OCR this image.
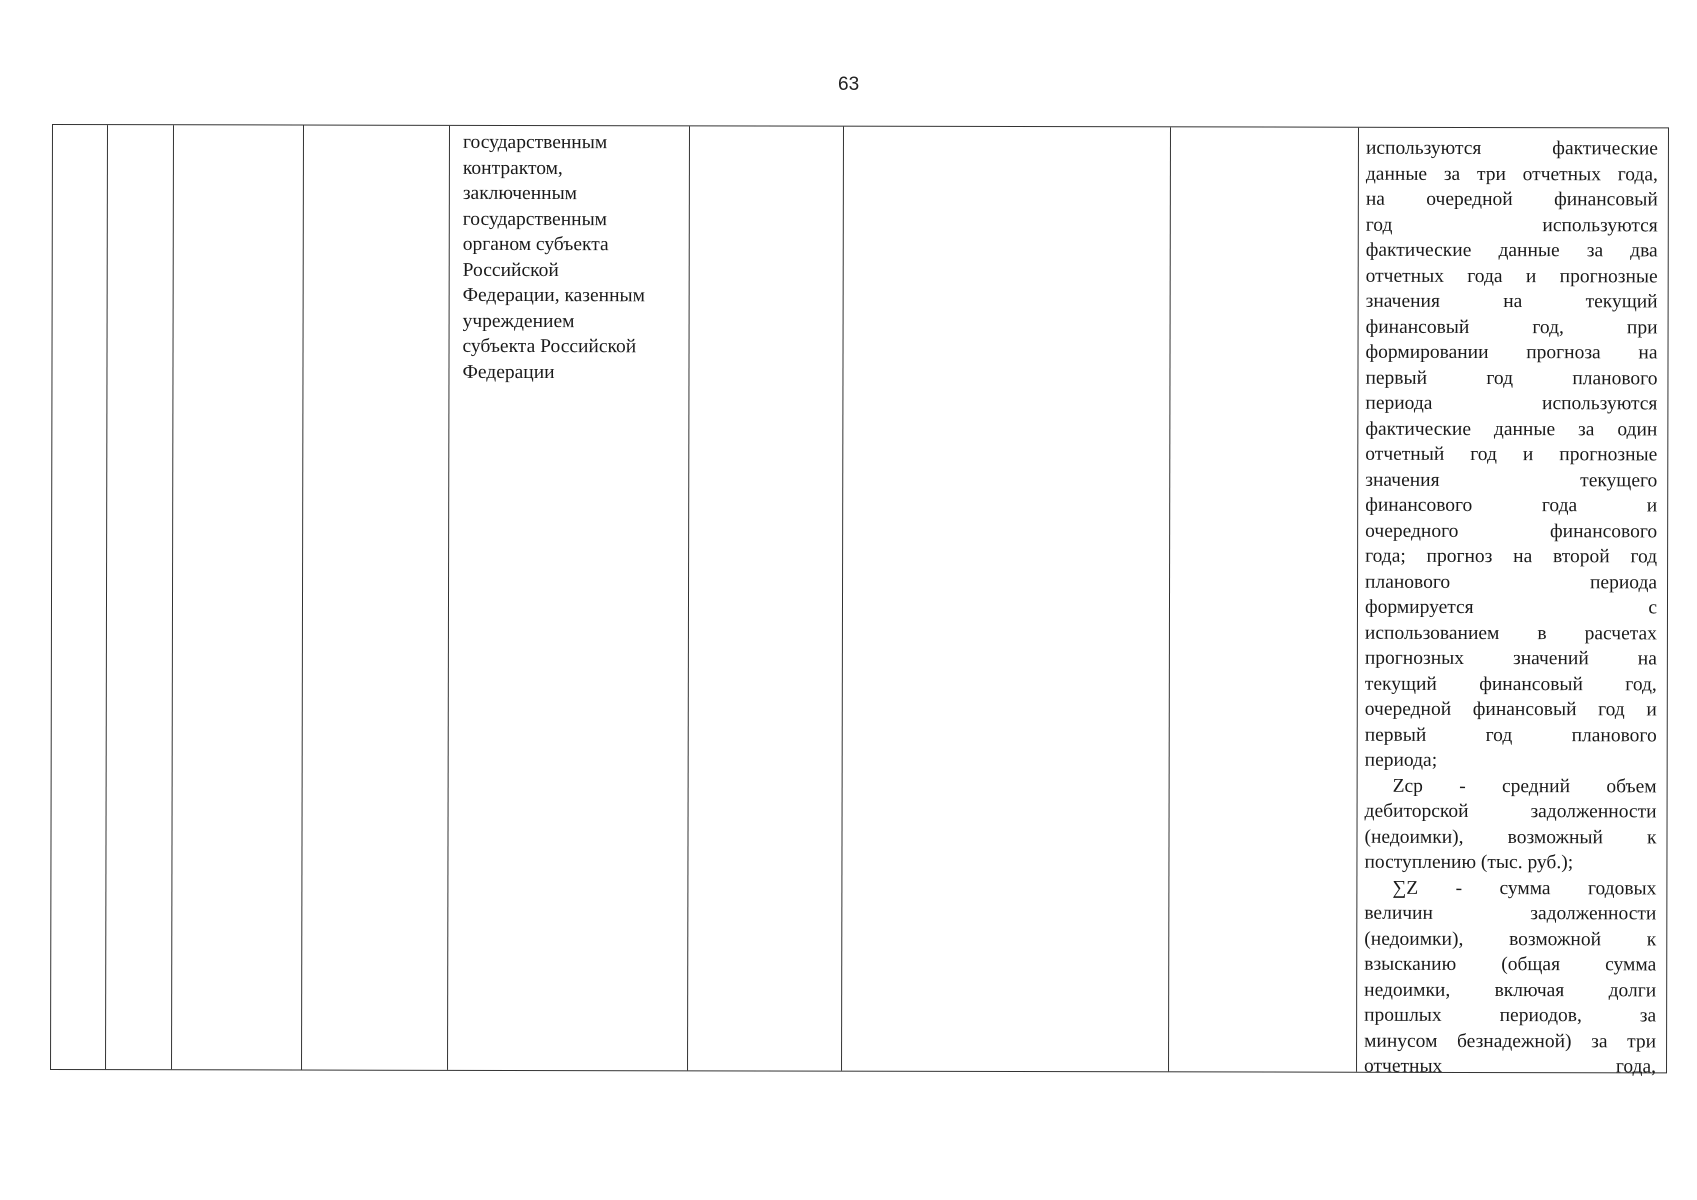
63

государственным

контрактом,

заключенным

государственным

органом субъекта

Российской

Федерации, казенным

учреждением

субъекта Российской

Федерации

используются фактические
данные за три отчетных года,
на очередной финансовый
год используются
фактические данные за два
отчетных года и прогнозные
значения на текущий
финансовый год, при
формировании прогноза на
первый год планового
периода используются
фактические данные за один
отчетный год и прогнозные
значения текущего
финансового года и
очередного финансового
года; прогноз на второй год
планового периода
формируется с
использованием в расчетах
прогнозных значений на
текущий финансовый год,
очередной финансовый год и
первый год планового
периода;
Zср - средний объем
дебиторской задолженности
(недоимки), возможный к
поступлению (тыс. руб.);
∑Z - сумма годовых
величин задолженности
(недоимки), возможной к
взысканию (общая сумма
недоимки, включая долги
прошлых периодов, за
минусом безнадежной) за три
отчетных года,
